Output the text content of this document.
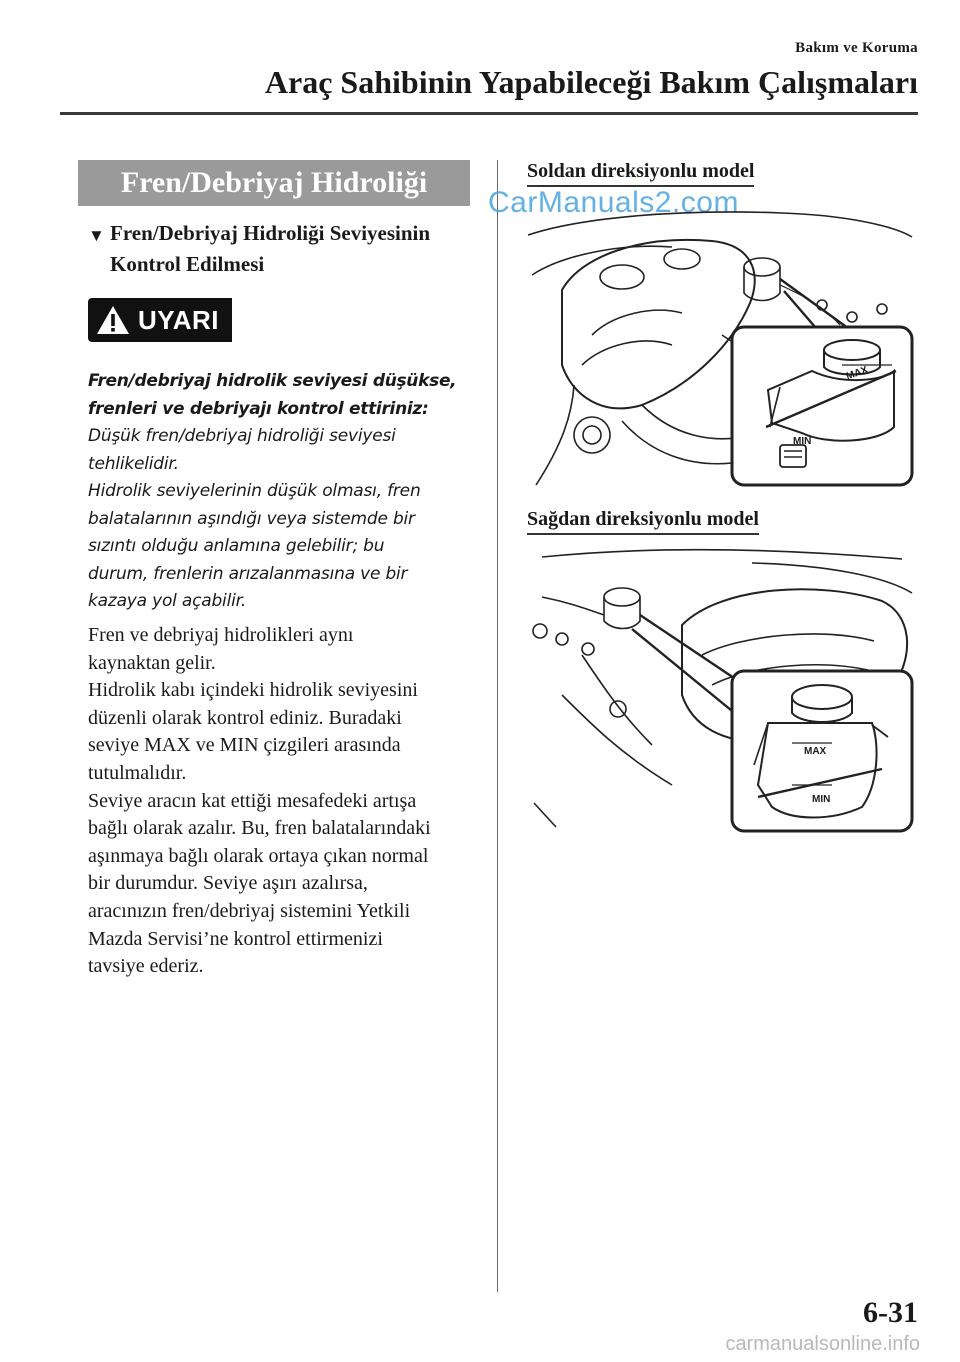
Bakım ve Koruma
Araç Sahibinin Yapabileceği Bakım Çalışmaları
Fren/Debriyaj Hidroliği
▼ Fren/Debriyaj Hidroliği Seviyesinin Kontrol Edilmesi
UYARI
Fren/debriyaj hidrolik seviyesi düşükse,
frenleri ve debriyajı kontrol ettiriniz:
Düşük fren/debriyaj hidroliği seviyesi
tehlikelidir.
Hidrolik seviyelerinin düşük olması, fren
balatalarının aşındığı veya sistemde bir
sızıntı olduğu anlamına gelebilir; bu
durum, frenlerin arızalanmasına ve bir
kazaya yol açabilir.

Fren ve debriyaj hidrolikleri aynı

kaynaktan gelir.

Hidrolik kabı içindeki hidrolik seviyesini

düzenli olarak kontrol ediniz. Buradaki

seviye MAX ve MIN çizgileri arasında

tutulmalıdır.

Seviye aracın kat ettiği mesafedeki artışa

bağlı olarak azalır. Bu, fren balatalarındaki

aşınmaya bağlı olarak ortaya çıkan normal

bir durumdur. Seviye aşırı azalırsa,

aracınızın fren/debriyaj sistemini Yetkili

Mazda Servisi’ne kontrol ettirmenizi

tavsiye ederiz.

Soldan direksiyonlu model
CarManuals2.com
MAX
MIN
Sağdan direksiyonlu model
MAX
MIN
6-31
carmanualsonline.info
